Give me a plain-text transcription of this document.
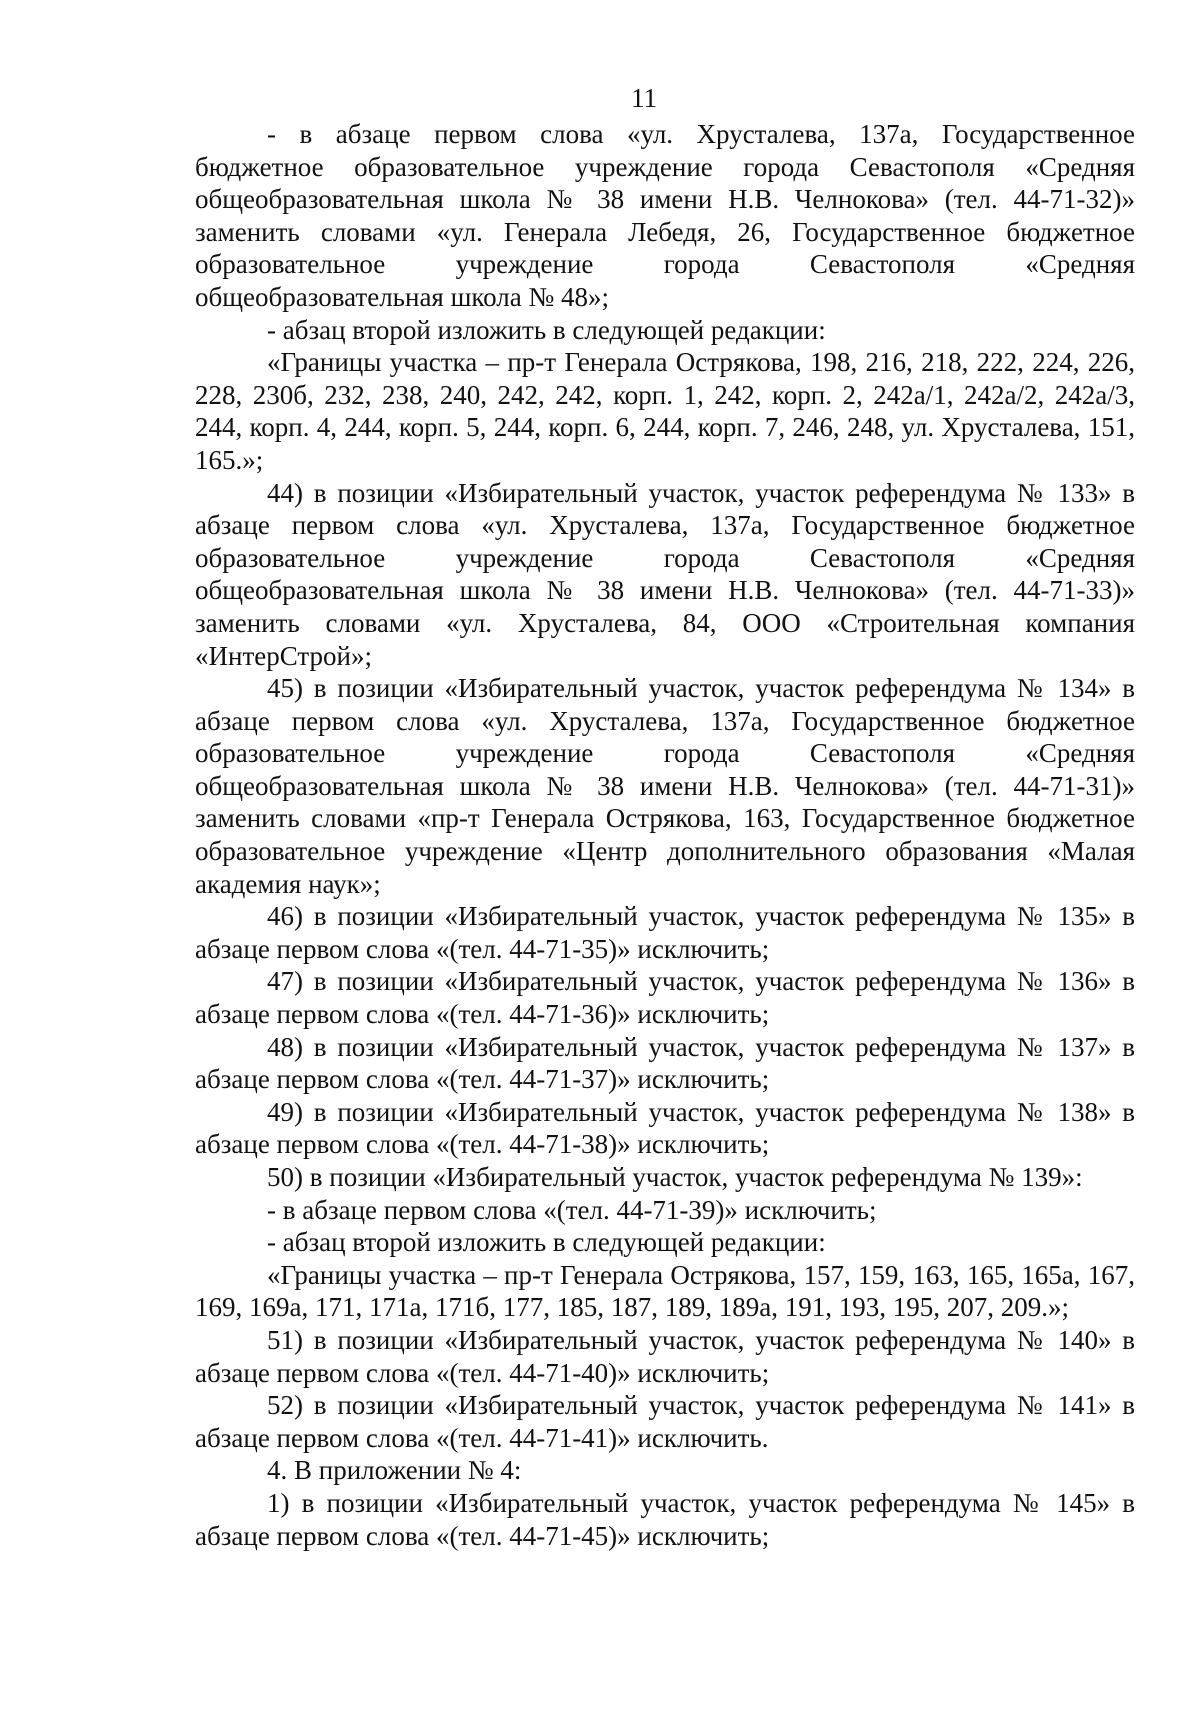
11

- в абзаце первом слова «ул. Хрусталева, 137а, Государственное бюджетное образовательное учреждение города Севастополя «Средняя общеобразовательная школа № 38 имени Н.В. Челнокова» (тел. 44-71-32)» заменить словами «ул. Генерала Лебедя, 26, Государственное бюджетное образовательное учреждение города Севастополя «Средняя общеобразовательная школа № 48»;

- абзац второй изложить в следующей редакции:

«Границы участка – пр-т Генерала Острякова, 198, 216, 218, 222, 224, 226, 228, 230б, 232, 238, 240, 242, 242, корп. 1, 242, корп. 2, 242а/1, 242а/2, 242а/3, 244, корп. 4, 244, корп. 5, 244, корп. 6, 244, корп. 7, 246, 248, ул. Хрусталева, 151, 165.»;

44) в позиции «Избирательный участок, участок референдума № 133» в абзаце первом слова «ул. Хрусталева, 137а, Государственное бюджетное образовательное учреждение города Севастополя «Средняя общеобразовательная школа № 38 имени Н.В. Челнокова» (тел. 44-71-33)» заменить словами «ул. Хрусталева, 84, ООО «Строительная компания «ИнтерСтрой»;

45) в позиции «Избирательный участок, участок референдума № 134» в абзаце первом слова «ул. Хрусталева, 137а, Государственное бюджетное образовательное учреждение города Севастополя «Средняя общеобразовательная школа № 38 имени Н.В. Челнокова» (тел. 44-71-31)» заменить словами «пр-т Генерала Острякова, 163, Государственное бюджетное образовательное учреждение «Центр дополнительного образования «Малая академия наук»;

46) в позиции «Избирательный участок, участок референдума № 135» в абзаце первом слова «(тел. 44-71-35)» исключить;

47) в позиции «Избирательный участок, участок референдума № 136» в абзаце первом слова «(тел. 44-71-36)» исключить;

48) в позиции «Избирательный участок, участок референдума № 137» в абзаце первом слова «(тел. 44-71-37)» исключить;

49) в позиции «Избирательный участок, участок референдума № 138» в абзаце первом слова «(тел. 44-71-38)» исключить;

50) в позиции «Избирательный участок, участок референдума № 139»:

- в абзаце первом слова «(тел. 44-71-39)» исключить;

- абзац второй изложить в следующей редакции:

«Границы участка – пр-т Генерала Острякова, 157, 159, 163, 165, 165а, 167, 169, 169а, 171, 171а, 171б, 177, 185, 187, 189, 189а, 191, 193, 195, 207, 209.»;

51) в позиции «Избирательный участок, участок референдума № 140» в абзаце первом слова «(тел. 44-71-40)» исключить;

52) в позиции «Избирательный участок, участок референдума № 141» в абзаце первом слова «(тел. 44-71-41)» исключить.

4. В приложении № 4:

1) в позиции «Избирательный участок, участок референдума № 145» в абзаце первом слова «(тел. 44-71-45)» исключить;
